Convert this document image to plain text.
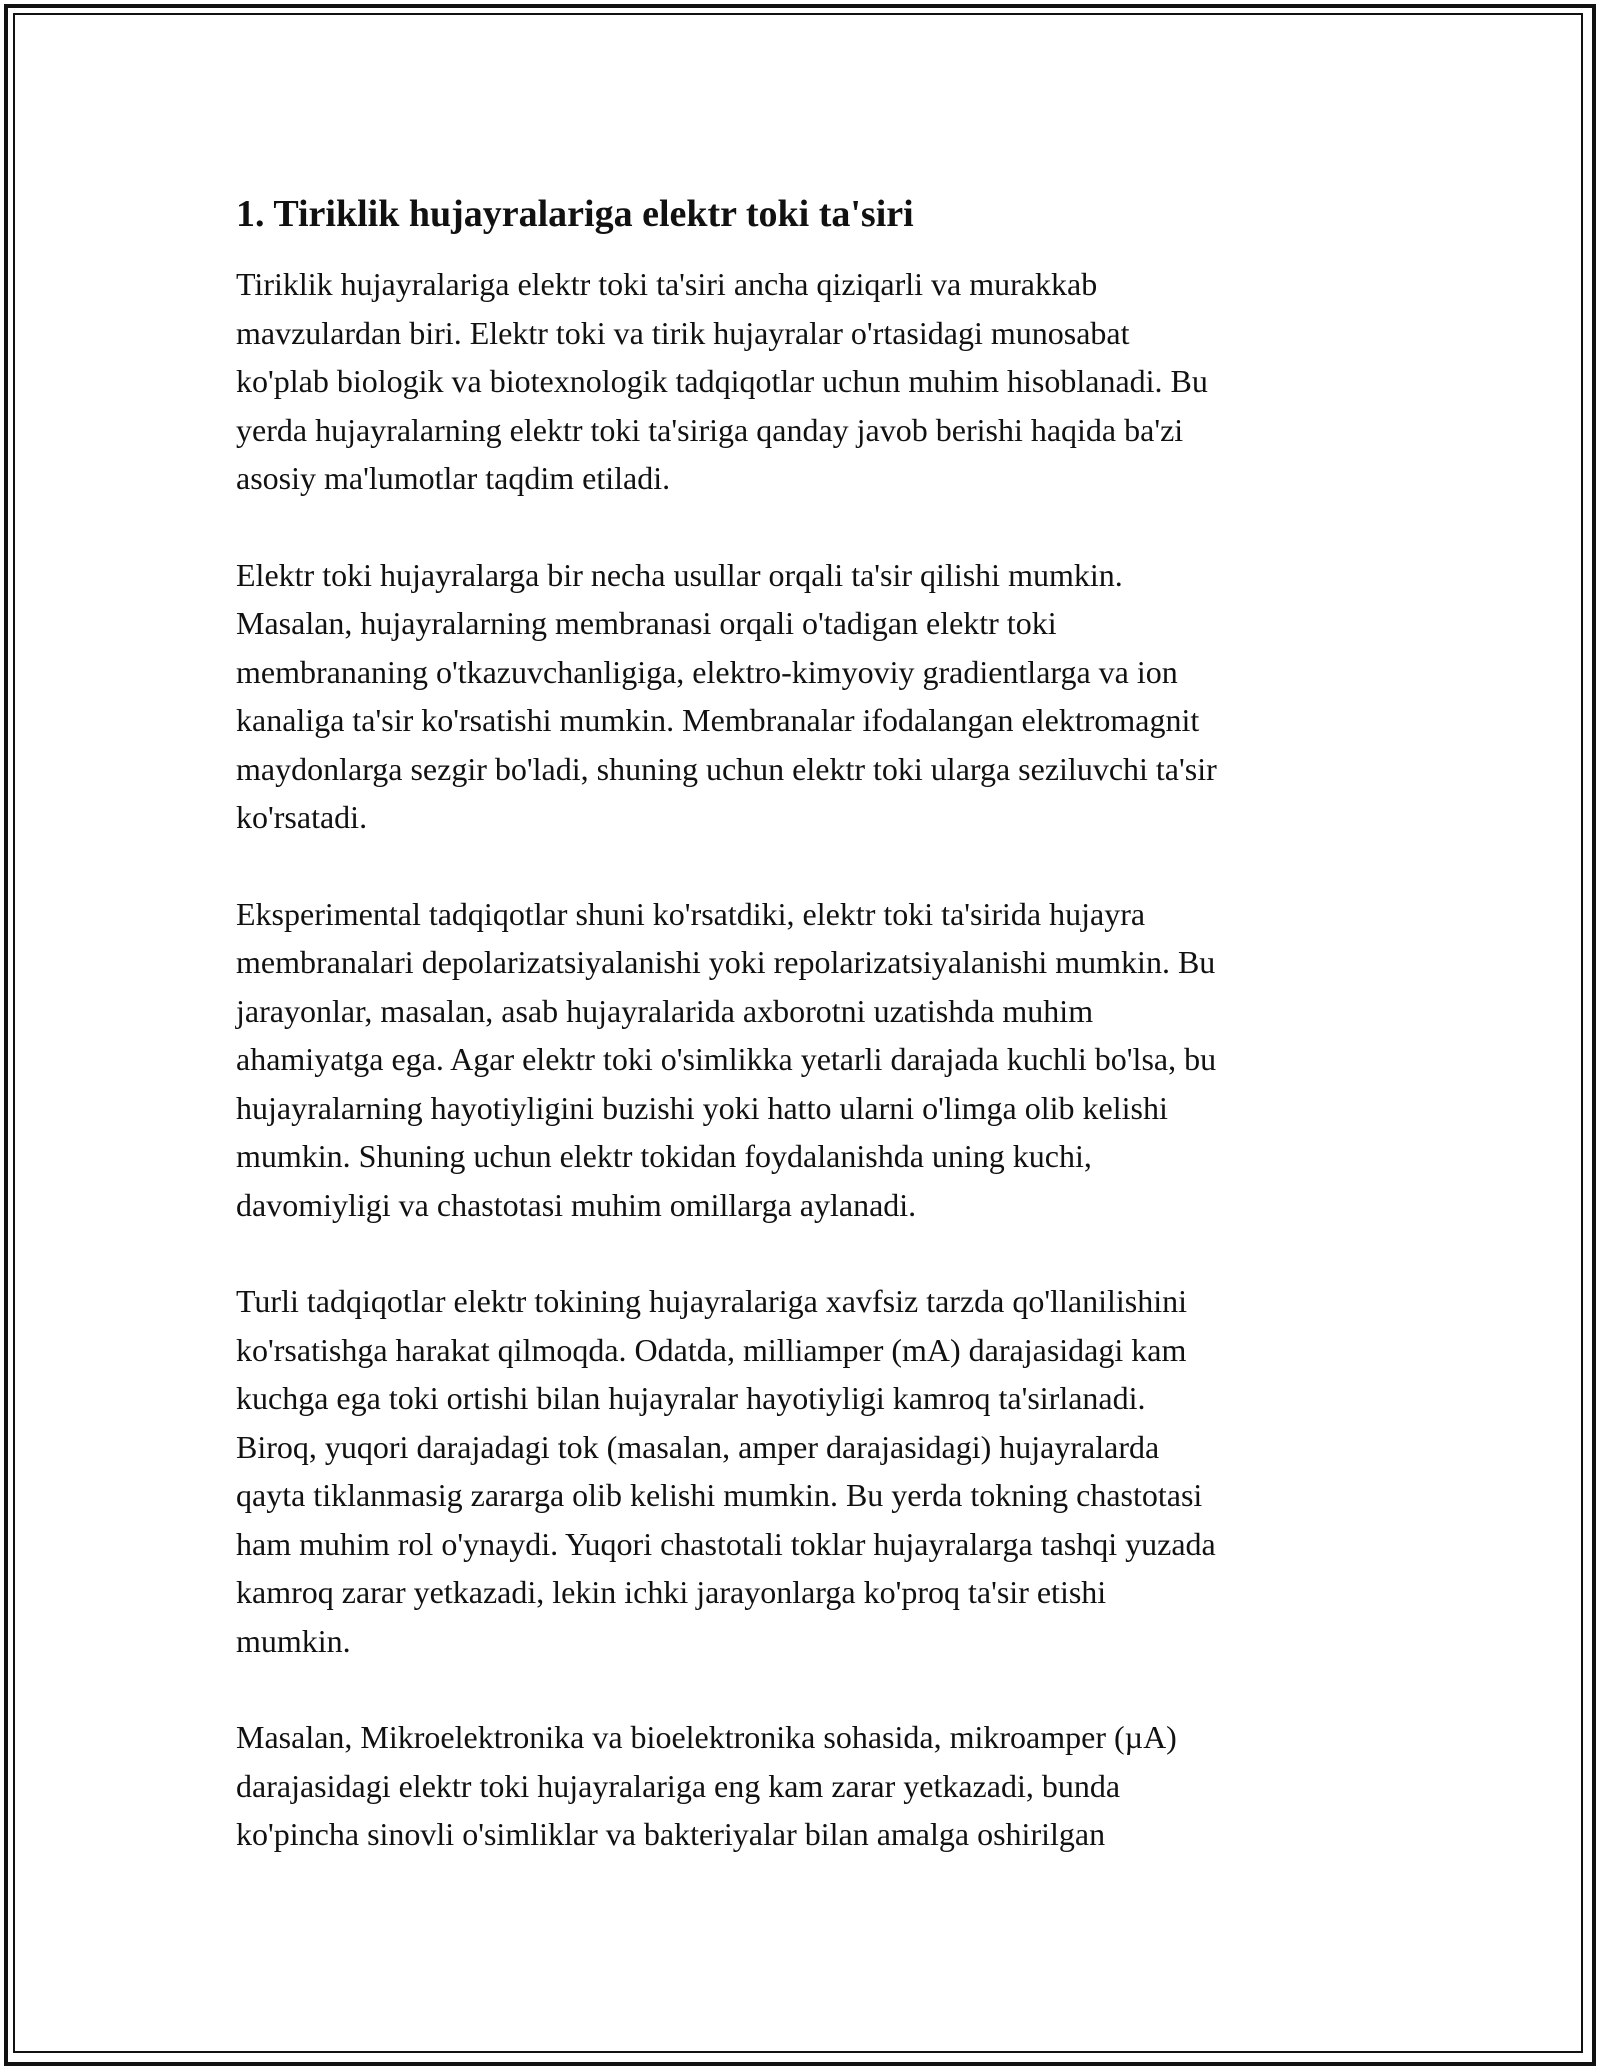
1. Tiriklik hujayralariga elektr toki ta'siri
Tiriklik hujayralariga elektr toki ta'siri ancha qiziqarli va murakkab
mavzulardan biri. Elektr toki va tirik hujayralar o'rtasidagi munosabat
ko'plab biologik va biotexnologik tadqiqotlar uchun muhim hisoblanadi. Bu
yerda hujayralarning elektr toki ta'siriga qanday javob berishi haqida ba'zi
asosiy ma'lumotlar taqdim etiladi.
Elektr toki hujayralarga bir necha usullar orqali ta'sir qilishi mumkin.
Masalan, hujayralarning membranasi orqali o'tadigan elektr toki
membrananing o'tkazuvchanligiga, elektro-kimyoviy gradientlarga va ion
kanaliga ta'sir ko'rsatishi mumkin. Membranalar ifodalangan elektromagnit
maydonlarga sezgir bo'ladi, shuning uchun elektr toki ularga seziluvchi ta'sir
ko'rsatadi.
Eksperimental tadqiqotlar shuni ko'rsatdiki, elektr toki ta'sirida hujayra
membranalari depolarizatsiyalanishi yoki repolarizatsiyalanishi mumkin. Bu
jarayonlar, masalan, asab hujayralarida axborotni uzatishda muhim
ahamiyatga ega. Agar elektr toki o'simlikka yetarli darajada kuchli bo'lsa, bu
hujayralarning hayotiyligini buzishi yoki hatto ularni o'limga olib kelishi
mumkin. Shuning uchun elektr tokidan foydalanishda uning kuchi,
davomiyligi va chastotasi muhim omillarga aylanadi.
Turli tadqiqotlar elektr tokining hujayralariga xavfsiz tarzda qo'llanilishini
ko'rsatishga harakat qilmoqda. Odatda, milliamper (mA) darajasidagi kam
kuchga ega toki ortishi bilan hujayralar hayotiyligi kamroq ta'sirlanadi.
Biroq, yuqori darajadagi tok (masalan, amper darajasidagi) hujayralarda
qayta tiklanmasig zararga olib kelishi mumkin. Bu yerda tokning chastotasi
ham muhim rol o'ynaydi. Yuqori chastotali toklar hujayralarga tashqi yuzada
kamroq zarar yetkazadi, lekin ichki jarayonlarga ko'proq ta'sir etishi
mumkin.
Masalan, Mikroelektronika va bioelektronika sohasida, mikroamper (µA)
darajasidagi elektr toki hujayralariga eng kam zarar yetkazadi, bunda
ko'pincha sinovli o'simliklar va bakteriyalar bilan amalga oshirilgan
